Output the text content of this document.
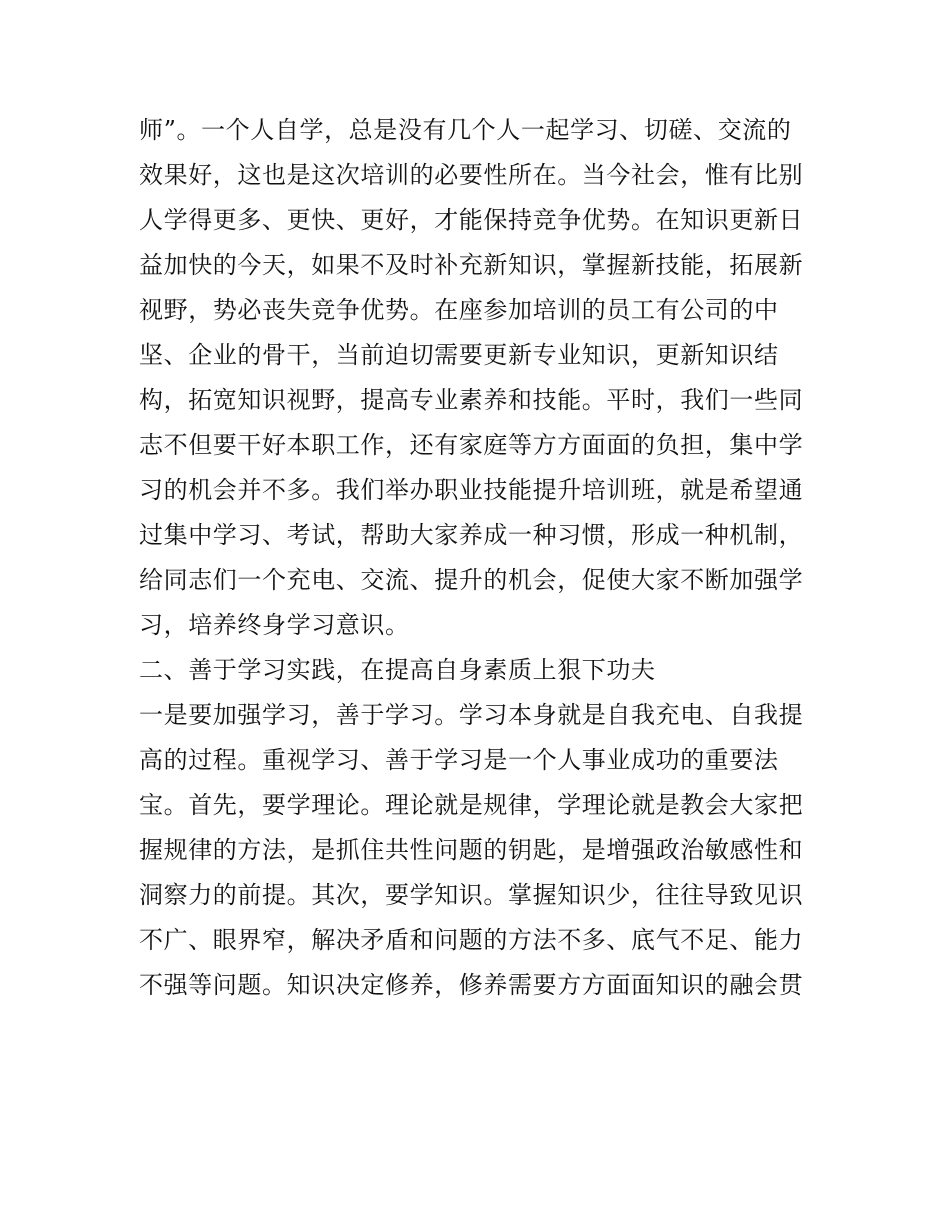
师”。一个人自学，总是没有几个人一起学习、切磋、交流的
效果好，这也是这次培训的必要性所在。当今社会，惟有比别
人学得更多、更快、更好，才能保持竞争优势。在知识更新日
益加快的今天，如果不及时补充新知识，掌握新技能，拓展新
视野，势必丧失竞争优势。在座参加培训的员工有公司的中
坚、企业的骨干，当前迫切需要更新专业知识，更新知识结
构，拓宽知识视野，提高专业素养和技能。平时，我们一些同
志不但要干好本职工作，还有家庭等方方面面的负担，集中学
习的机会并不多。我们举办职业技能提升培训班，就是希望通
过集中学习、考试，帮助大家养成一种习惯，形成一种机制，
给同志们一个充电、交流、提升的机会，促使大家不断加强学
习，培养终身学习意识。
二、善于学习实践，在提高自身素质上狠下功夫
一是要加强学习，善于学习。学习本身就是自我充电、自我提
高的过程。重视学习、善于学习是一个人事业成功的重要法
宝。首先，要学理论。理论就是规律，学理论就是教会大家把
握规律的方法，是抓住共性问题的钥匙，是增强政治敏感性和
洞察力的前提。其次，要学知识。掌握知识少，往往导致见识
不广、眼界窄，解决矛盾和问题的方法不多、底气不足、能力
不强等问题。知识决定修养，修养需要方方面面知识的融会贯
